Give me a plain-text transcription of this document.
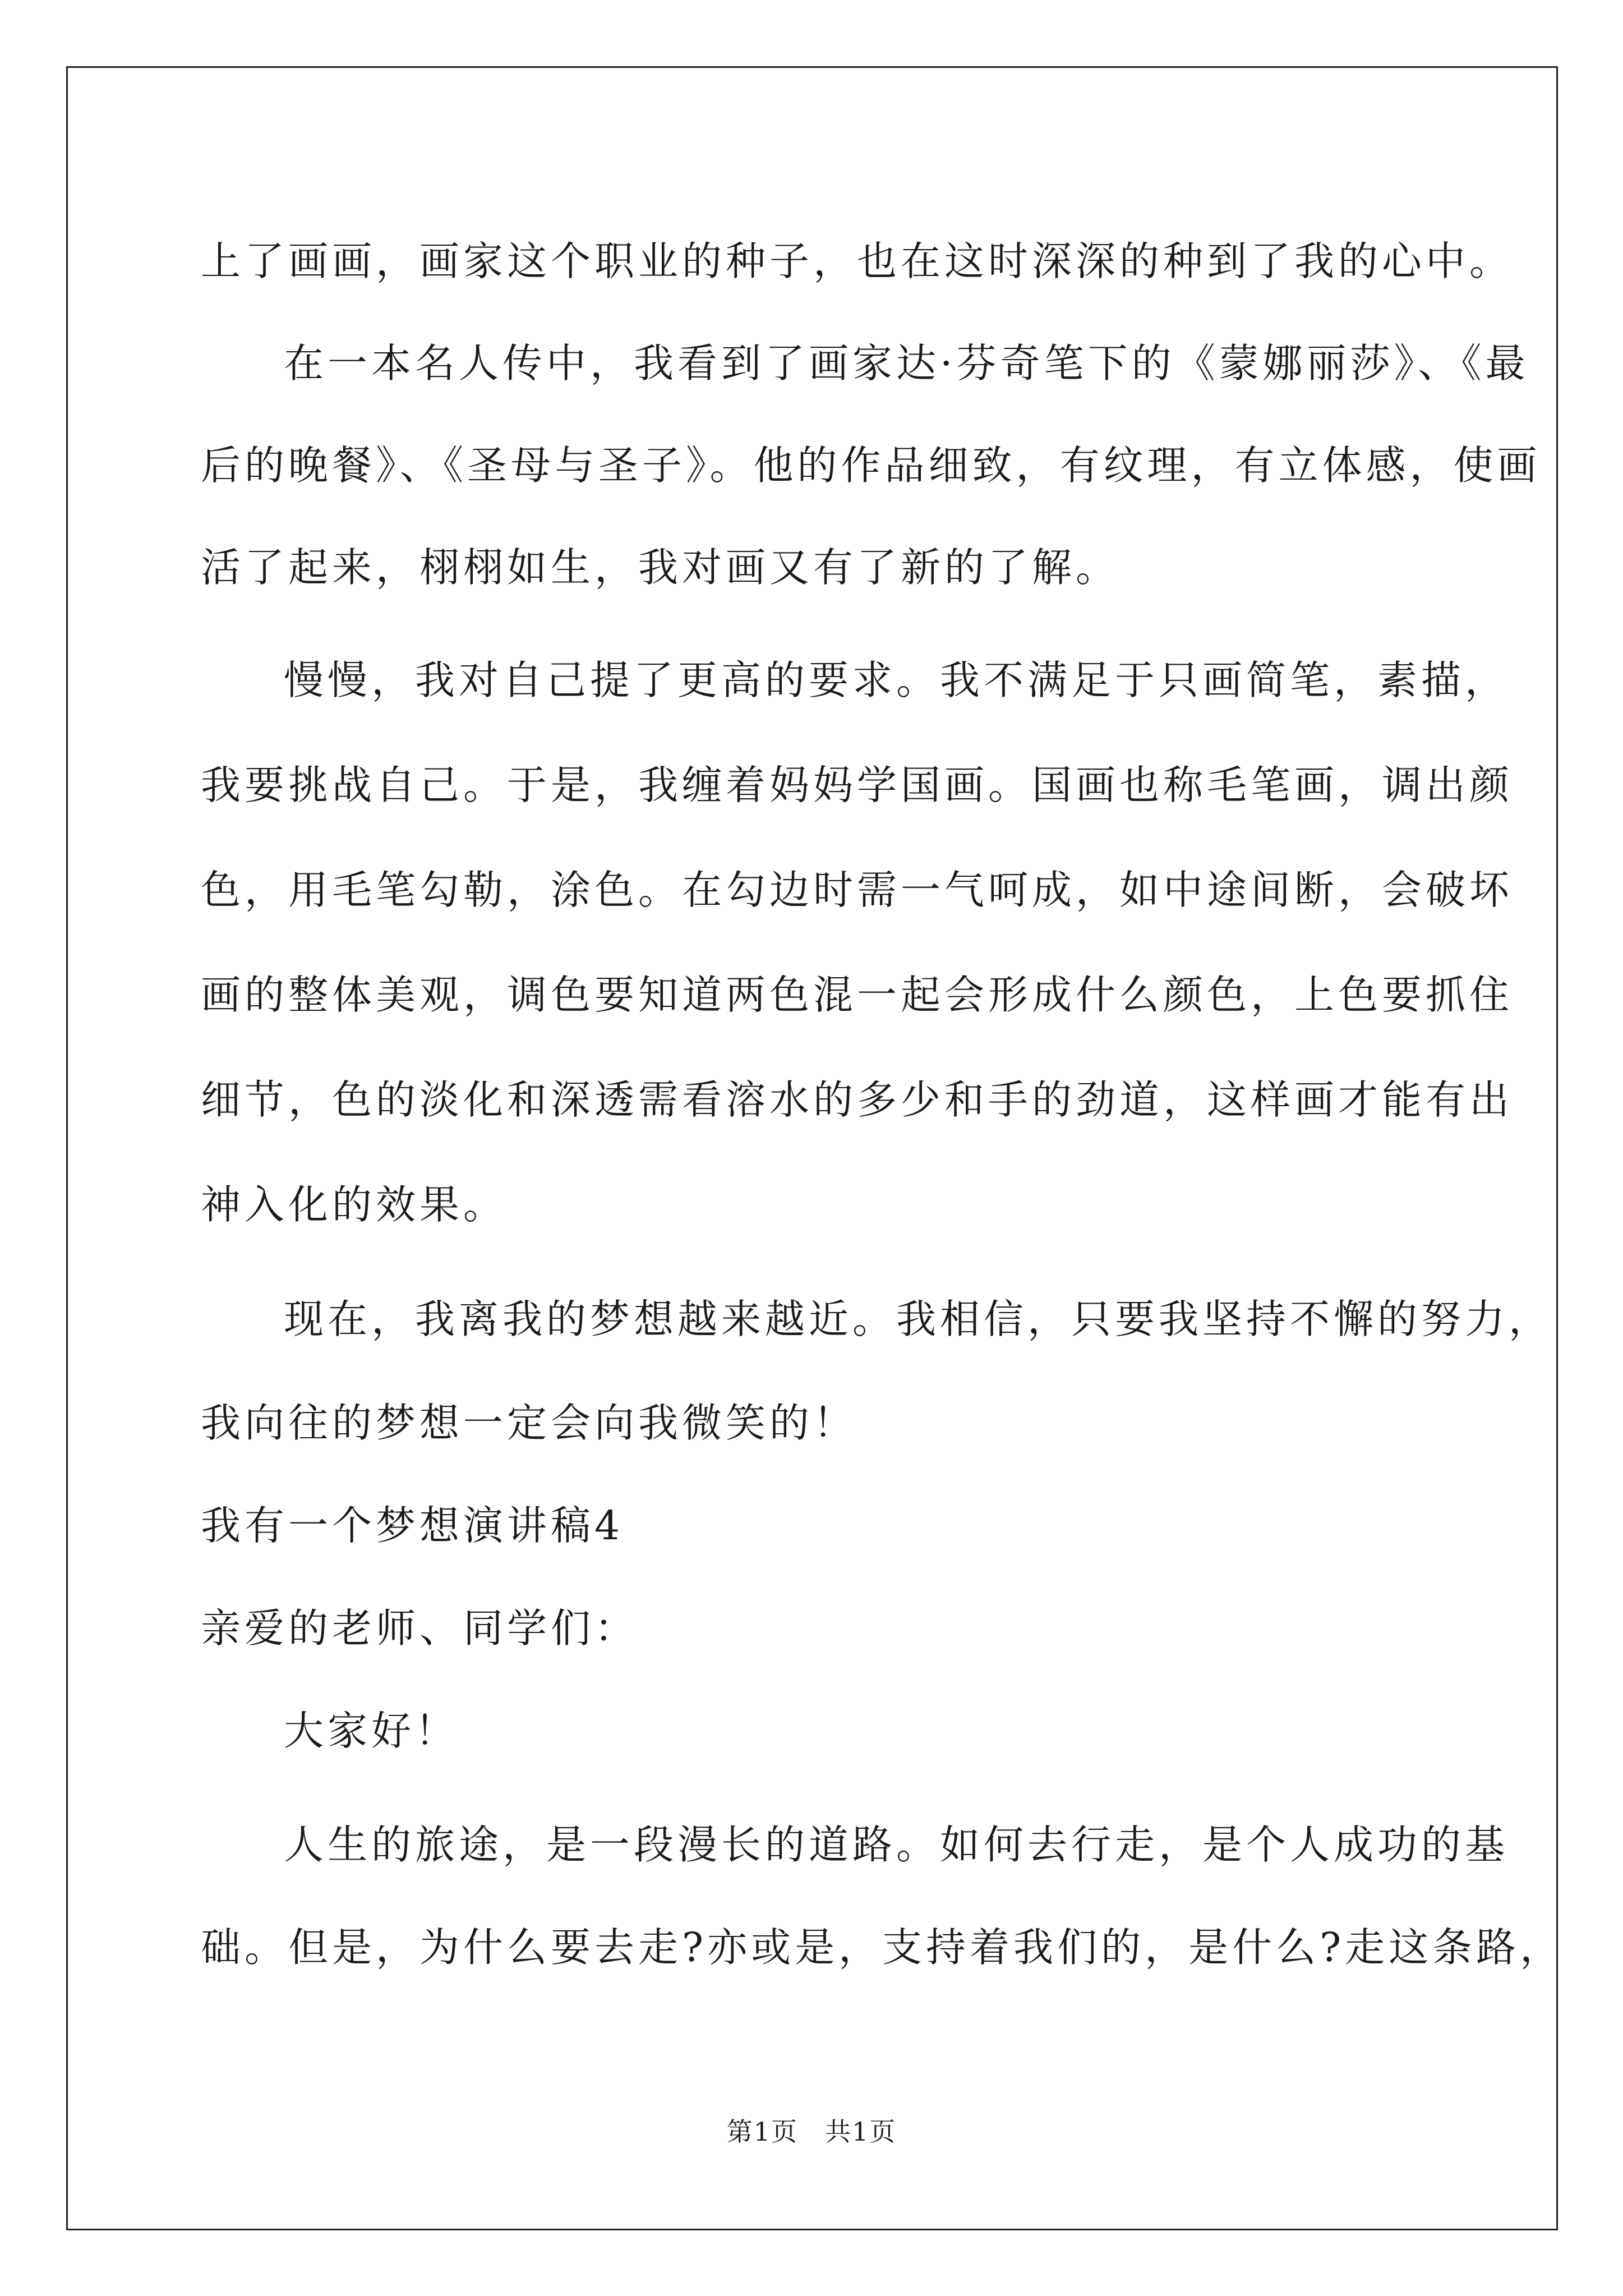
上了画画，画家这个职业的种子，也在这时深深的种到了我的心中。
在一本名人传中，我看到了画家达·芬奇笔下的《蒙娜丽莎》、《最
后的晚餐》、《圣母与圣子》。他的作品细致，有纹理，有立体感，使画
活了起来，栩栩如生，我对画又有了新的了解。
慢慢，我对自己提了更高的要求。我不满足于只画简笔，素描，
我要挑战自己。于是，我缠着妈妈学国画。国画也称毛笔画，调出颜
色，用毛笔勾勒，涂色。在勾边时需一气呵成，如中途间断，会破坏
画的整体美观，调色要知道两色混一起会形成什么颜色，上色要抓住
细节，色的淡化和深透需看溶水的多少和手的劲道，这样画才能有出
神入化的效果。
现在，我离我的梦想越来越近。我相信，只要我坚持不懈的努力，
我向往的梦想一定会向我微笑的！
我有一个梦想演讲稿4
亲爱的老师、同学们：
大家好！
人生的旅途，是一段漫长的道路。如何去行走，是个人成功的基
础。但是，为什么要去走?亦或是，支持着我们的，是什么?走这条路，
第1页　共1页
